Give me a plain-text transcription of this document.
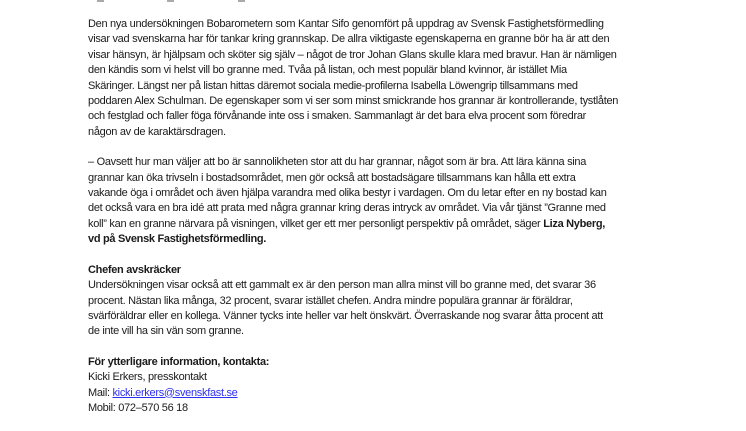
Den nya undersökningen Bobarometern som Kantar Sifo genomfört på uppdrag av Svensk Fastighetsförmedling
visar vad svenskarna har för tankar kring grannskap. De allra viktigaste egenskaperna en granne bör ha är att den
visar hänsyn, är hjälpsam och sköter sig själv – något de tror Johan Glans skulle klara med bravur. Han är nämligen
den kändis som vi helst vill bo granne med. Tvåa på listan, och mest populär bland kvinnor, är istället Mia
Skäringer. Längst ner på listan hittas däremot sociala medie-profilerna Isabella Löwengrip tillsammans med
poddaren Alex Schulman. De egenskaper som vi ser som minst smickrande hos grannar är kontrollerande, tystlåten
och festglad och faller föga förvånande inte oss i smaken. Sammanlagt är det bara elva procent som föredrar
någon av de karaktärsdragen.

– Oavsett hur man väljer att bo är sannolikheten stor att du har grannar, något som är bra. Att lära känna sina
grannar kan öka trivseln i bostadsområdet, men gör också att bostadsägare tillsammans kan hålla ett extra
vakande öga i området och även hjälpa varandra med olika bestyr i vardagen. Om du letar efter en ny bostad kan
det också vara en bra idé att prata med några grannar kring deras intryck av området. Via vår tjänst ”Granne med
koll” kan en granne närvara på visningen, vilket ger ett mer personligt perspektiv på området, säger Liza Nyberg,
vd på Svensk Fastighetsförmedling.

Chefen avskräcker
Undersökningen visar också att ett gammalt ex är den person man allra minst vill bo granne med, det svarar 36
procent. Nästan lika många, 32 procent, svarar istället chefen. Andra mindre populära grannar är föräldrar,
svärföräldrar eller en kollega. Vänner tycks inte heller var helt önskvärt. Överraskande nog svarar åtta procent att
de inte vill ha sin vän som granne.

För ytterligare information, kontakta:
Kicki Erkers, presskontakt
Mail: kicki.erkers@svenskfast.se
Mobil: 072–570 56 18
